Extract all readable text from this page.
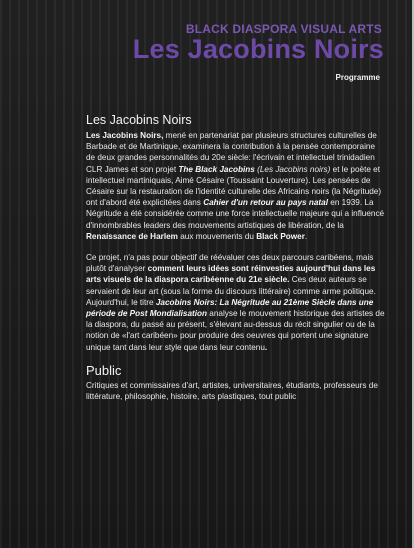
BLACK DIASPORA VISUAL ARTS
Les Jacobins Noirs
Programme
Les Jacobins Noirs

Les Jacobins Noirs, mené en partenariat par plusieurs structures culturelles de Barbade et de Martinique, examinera la contribution à la pensée contemporaine de deux grandes personnalités du 20e siècle: l'écrivain et intellectuel trinidadien CLR James et son projet The Black Jacobins (Les Jacobins noirs) et le poète et intellectuel martiniquais, Aimé Césaire (Toussaint Louverture). Les pensées de Césaire sur la restauration de l'identité culturelle des Africains noirs (la Négritude) ont d'abord été explicitées dans Cahier d'un retour au pays natal en 1939. La Négritude a été considérée comme une force intellectuelle majeure qui a influencé d'innombrables leaders des mouvements artistiques de libération, de la Renaissance de Harlem aux mouvements du Black Power.

Ce projet, n'a pas pour objectif de réévaluer ces deux parcours caribéens, mais plutôt d'analyser comment leurs idées sont réinvesties aujourd'hui dans les arts visuels de la diaspora caribéenne du 21e siècle. Ces deux auteurs se servaient de leur art (sous la forme du discours littéraire) comme arme politique. Aujourd'hui, le titre Jacobins Noirs: La Négritude au 21ème Siècle dans une période de Post Mondialisation analyse le mouvement historique des artistes de la diaspora, du passé au présent, s'élevant au-dessus du récit singulier ou de la notion de «l'art caribéen» pour produire des oeuvres qui portent une signature unique tant dans leur style que dans leur contenu.

Public

Critiques et commissaires d'art, artistes, universitaires, étudiants, professeurs de littérature, philosophie, histoire, arts plastiques, tout public
